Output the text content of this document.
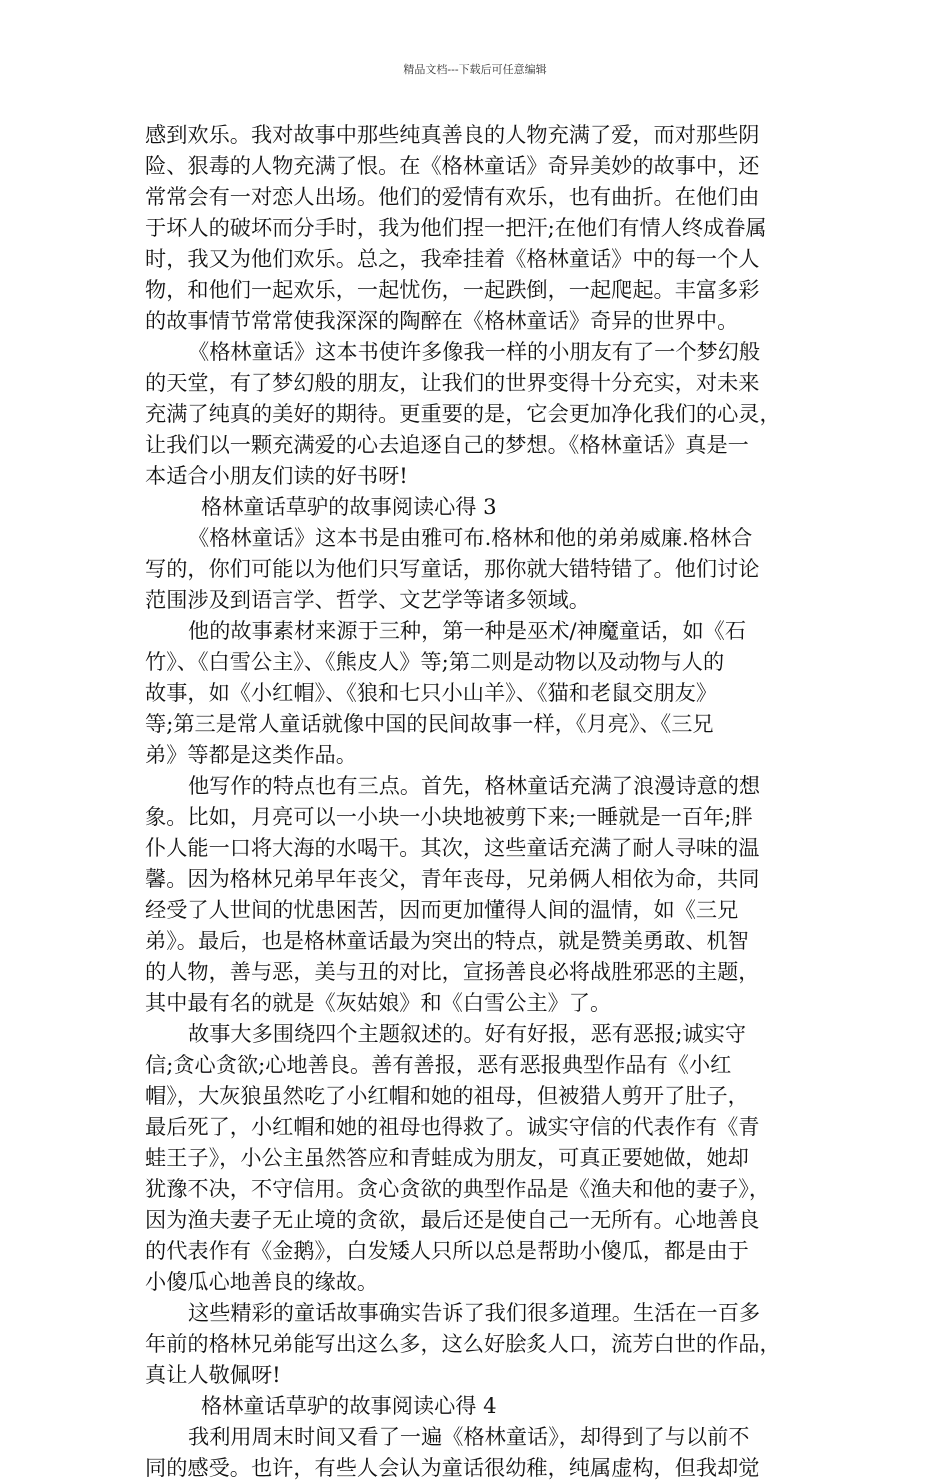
精品文档---下载后可任意编辑
感到欢乐。我对故事中那些纯真善良的人物充满了爱，而对那些阴
险、狠毒的人物充满了恨。在《格林童话》奇异美妙的故事中，还
常常会有一对恋人出场。他们的爱情有欢乐，也有曲折。在他们由
于坏人的破坏而分手时，我为他们捏一把汗;在他们有情人终成眷属
时，我又为他们欢乐。总之，我牵挂着《格林童话》中的每一个人
物，和他们一起欢乐，一起忧伤，一起跌倒，一起爬起。丰富多彩
的故事情节常常使我深深的陶醉在《格林童话》奇异的世界中。
《格林童话》这本书使许多像我一样的小朋友有了一个梦幻般
的天堂，有了梦幻般的朋友，让我们的世界变得十分充实，对未来
充满了纯真的美好的期待。更重要的是，它会更加净化我们的心灵，
让我们以一颗充满爱的心去追逐自己的梦想。《格林童话》真是一
本适合小朋友们读的好书呀!
格林童话草驴的故事阅读心得 3
《格林童话》这本书是由雅可布.格林和他的弟弟威廉.格林合
写的，你们可能以为他们只写童话，那你就大错特错了。他们讨论
范围涉及到语言学、哲学、文艺学等诸多领域。
他的故事素材来源于三种，第一种是巫术/神魔童话，如《石
竹》、《白雪公主》、《熊皮人》等;第二则是动物以及动物与人的
故事，如《小红帽》、《狼和七只小山羊》、《猫和老鼠交朋友》
等;第三是常人童话就像中国的民间故事一样，《月亮》、《三兄
弟》等都是这类作品。
他写作的特点也有三点。首先，格林童话充满了浪漫诗意的想
象。比如，月亮可以一小块一小块地被剪下来;一睡就是一百年;胖
仆人能一口将大海的水喝干。其次，这些童话充满了耐人寻味的温
馨。因为格林兄弟早年丧父，青年丧母，兄弟俩人相依为命，共同
经受了人世间的忧患困苦，因而更加懂得人间的温情，如《三兄
弟》。最后，也是格林童话最为突出的特点，就是赞美勇敢、机智
的人物，善与恶，美与丑的对比，宣扬善良必将战胜邪恶的主题，
其中最有名的就是《灰姑娘》和《白雪公主》了。
故事大多围绕四个主题叙述的。好有好报，恶有恶报;诚实守
信;贪心贪欲;心地善良。善有善报，恶有恶报典型作品有《小红
帽》，大灰狼虽然吃了小红帽和她的祖母，但被猎人剪开了肚子，
最后死了，小红帽和她的祖母也得救了。诚实守信的代表作有《青
蛙王子》，小公主虽然答应和青蛙成为朋友，可真正要她做，她却
犹豫不决，不守信用。贪心贪欲的典型作品是《渔夫和他的妻子》，
因为渔夫妻子无止境的贪欲，最后还是使自己一无所有。心地善良
的代表作有《金鹅》，白发矮人只所以总是帮助小傻瓜，都是由于
小傻瓜心地善良的缘故。
这些精彩的童话故事确实告诉了我们很多道理。生活在一百多
年前的格林兄弟能写出这么多，这么好脍炙人口，流芳白世的作品，
真让人敬佩呀!
格林童话草驴的故事阅读心得 4
我利用周末时间又看了一遍《格林童话》，却得到了与以前不
同的感受。也许，有些人会认为童话很幼稚，纯属虚构，但我却觉
